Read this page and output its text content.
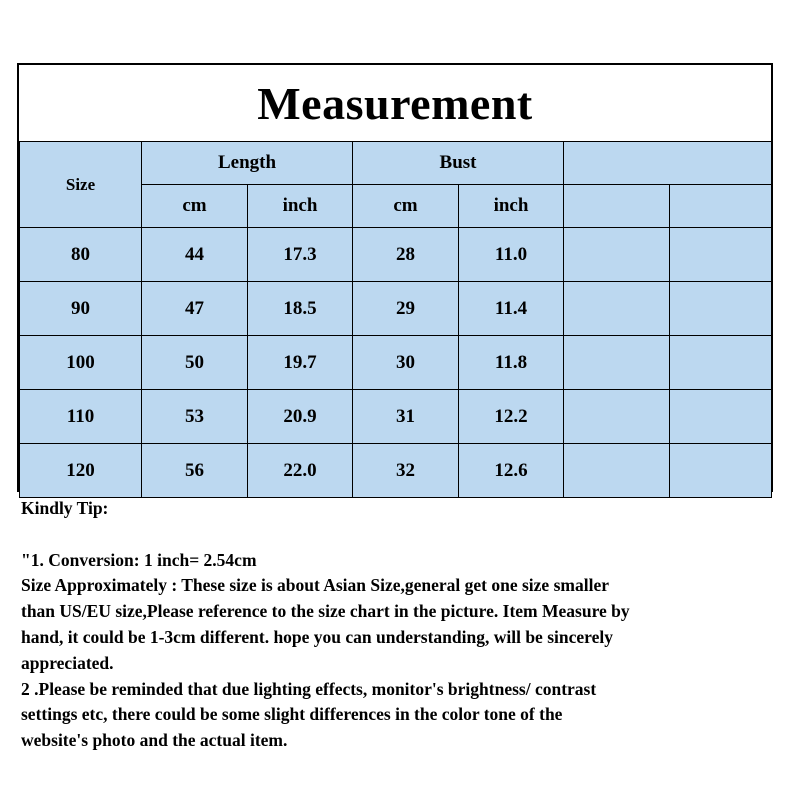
Measurement
Size	Length		Bust			
	cm	inch	cm	inch		
80	44	17.3	28	11.0		
90	47	18.5	29	11.4		
100	50	19.7	30	11.8		
110	53	20.9	31	12.2		
120	56	22.0	32	12.6		

Kindly Tip:

"1. Conversion: 1 inch= 2.54cm

Size Approximately : These size is about Asian Size,general get one size smaller

than US/EU size,Please reference to the size chart in the picture. Item Measure by

hand, it could be 1-3cm different. hope you can understanding, will be sincerely

appreciated.

2 .Please be reminded that due lighting effects, monitor's brightness/ contrast

settings etc, there could be some slight differences in the color tone of the

website's photo and the actual item.
